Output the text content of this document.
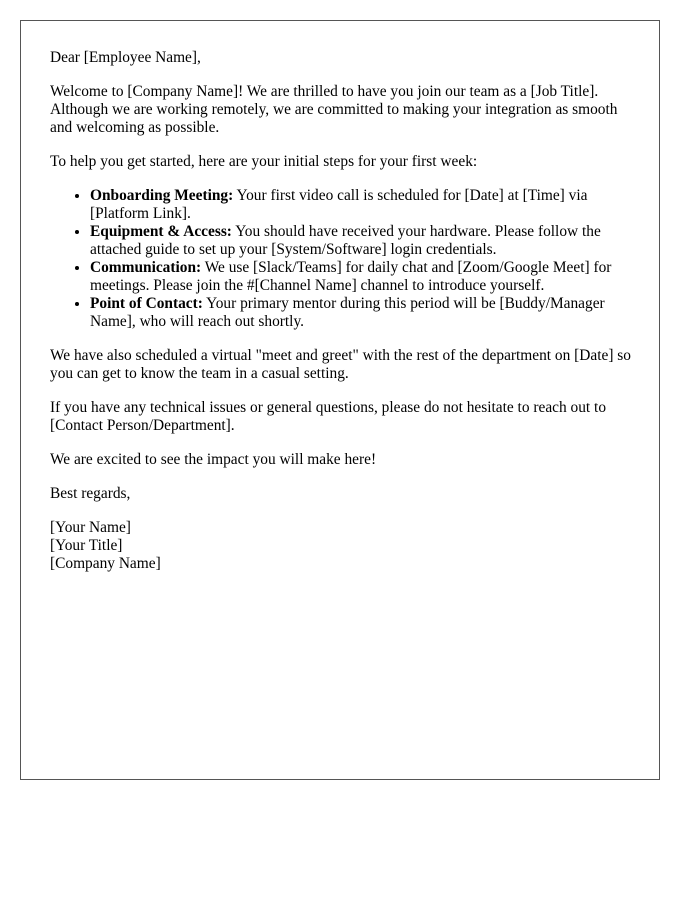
Dear [Employee Name],

Welcome to [Company Name]! We are thrilled to have you join our team as a [Job Title]. Although we are working remotely, we are committed to making your integration as smooth and welcoming as possible.

To help you get started, here are your initial steps for your first week:

• Onboarding Meeting: Your first video call is scheduled for [Date] at [Time] via [Platform Link].
• Equipment & Access: You should have received your hardware. Please follow the attached guide to set up your [System/Software] login credentials.
• Communication: We use [Slack/Teams] for daily chat and [Zoom/Google Meet] for meetings. Please join the #[Channel Name] channel to introduce yourself.
• Point of Contact: Your primary mentor during this period will be [Buddy/Manager Name], who will reach out shortly.

We have also scheduled a virtual "meet and greet" with the rest of the department on [Date] so you can get to know the team in a casual setting.

If you have any technical issues or general questions, please do not hesitate to reach out to [Contact Person/Department].

We are excited to see the impact you will make here!

Best regards,

[Your Name]
[Your Title]
[Company Name]
